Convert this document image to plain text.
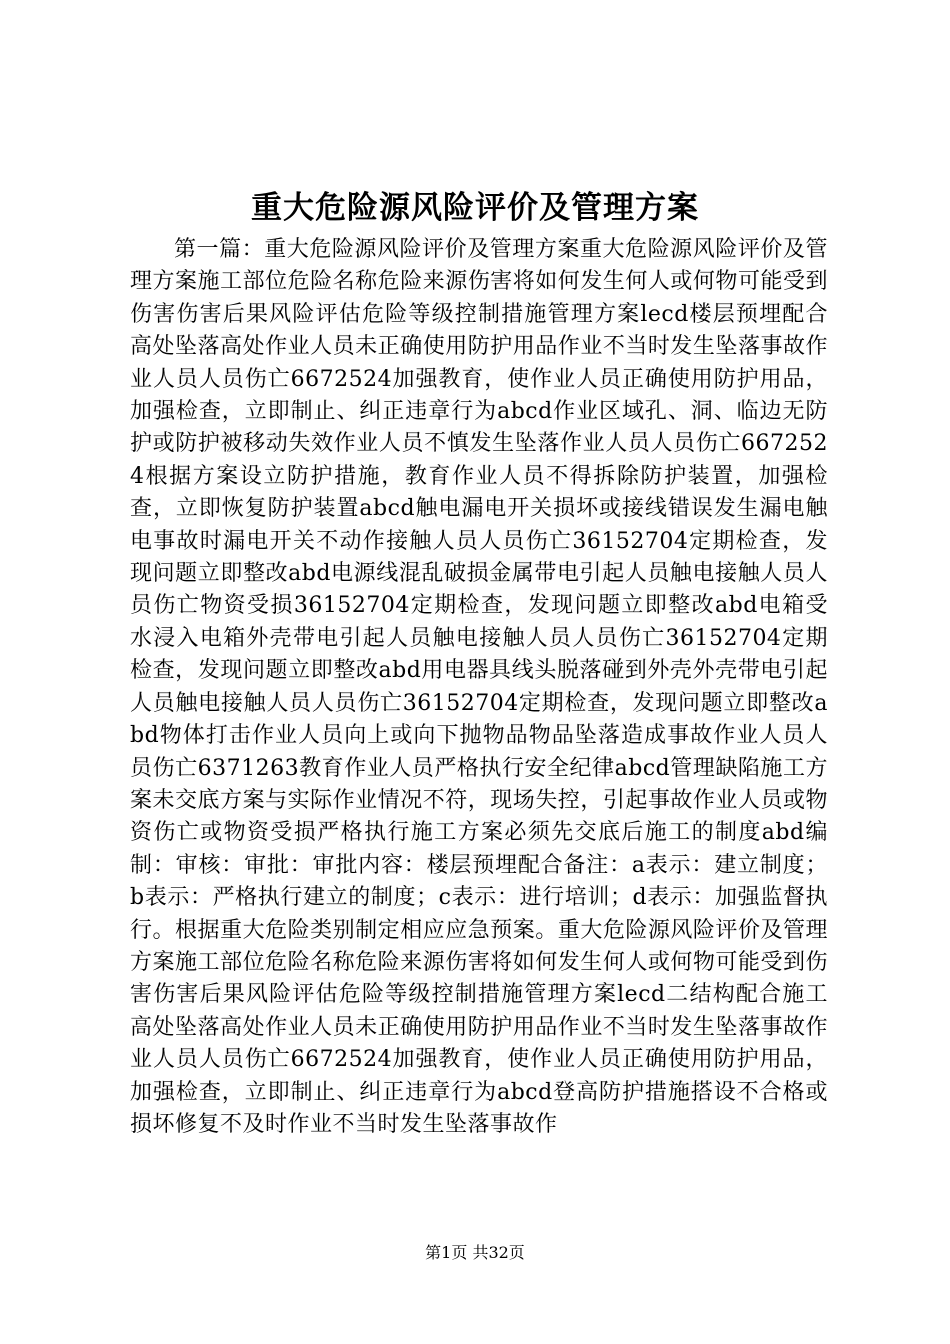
重大危险源风险评价及管理方案

第一篇：重大危险源风险评价及管理方案重大危险源风险评价及管理方案施工部位危险名称危险来源伤害将如何发生何人或何物可能受到伤害伤害后果风险评估危险等级控制措施管理方案lecd楼层预埋配合高处坠落高处作业人员未正确使用防护用品作业不当时发生坠落事故作业人员人员伤亡6672524加强教育，使作业人员正确使用防护用品，加强检查，立即制止、纠正违章行为abcd作业区域孔、洞、临边无防护或防护被移动失效作业人员不慎发生坠落作业人员人员伤亡6672524根据方案设立防护措施，教育作业人员不得拆除防护装置，加强检查，立即恢复防护装置abcd触电漏电开关损坏或接线错误发生漏电触电事故时漏电开关不动作接触人员人员伤亡36152704定期检查，发现问题立即整改abd电源线混乱破损金属带电引起人员触电接触人员人员伤亡物资受损36152704定期检查，发现问题立即整改abd电箱受水浸入电箱外壳带电引起人员触电接触人员人员伤亡36152704定期检查，发现问题立即整改abd用电器具线头脱落碰到外壳外壳带电引起人员触电接触人员人员伤亡36152704定期检查，发现问题立即整改abd物体打击作业人员向上或向下抛物品物品坠落造成事故作业人员人员伤亡6371263教育作业人员严格执行安全纪律abcd管理缺陷施工方案未交底方案与实际作业情况不符，现场失控，引起事故作业人员或物资伤亡或物资受损严格执行施工方案必须先交底后施工的制度abd编制：审核：审批：审批内容：楼层预埋配合备注：a表示：建立制度；b表示：严格执行建立的制度；c表示：进行培训；d表示：加强监督执行。根据重大危险类别制定相应应急预案。重大危险源风险评价及管理方案施工部位危险名称危险来源伤害将如何发生何人或何物可能受到伤害伤害后果风险评估危险等级控制措施管理方案lecd二结构配合施工高处坠落高处作业人员未正确使用防护用品作业不当时发生坠落事故作业人员人员伤亡6672524加强教育，使作业人员正确使用防护用品，加强检查，立即制止、纠正违章行为abcd登高防护措施搭设不合格或损坏修复不及时作业不当时发生坠落事故作

第1页 共32页
